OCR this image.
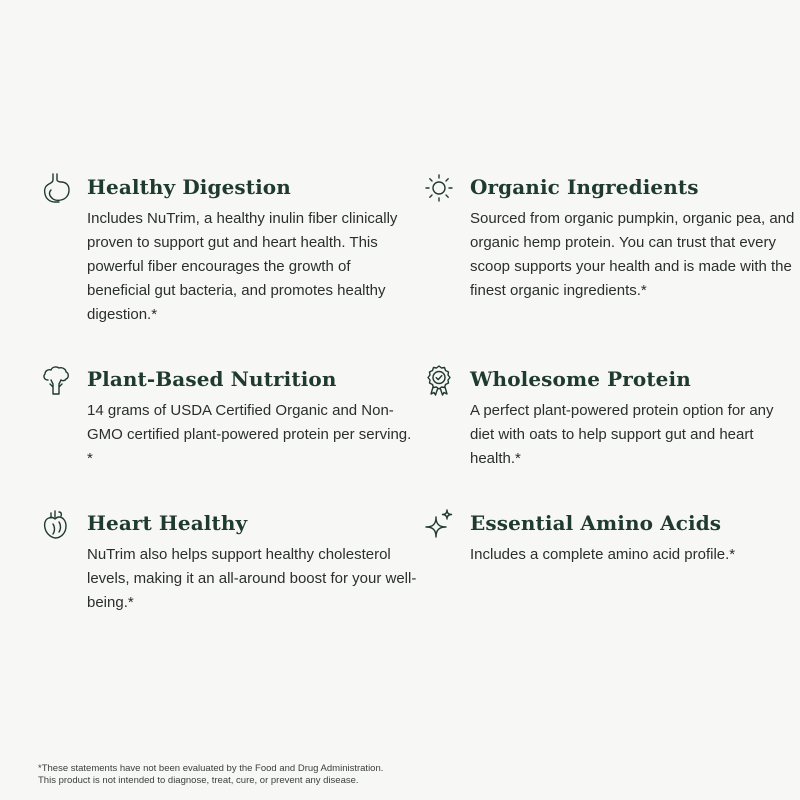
Healthy Digestion

Includes NuTrim, a healthy inulin fiber clinically proven to support gut and heart health. This powerful fiber encourages the growth of beneficial gut bacteria, and promotes healthy digestion.*

Organic Ingredients

Sourced from organic pumpkin, organic pea, and organic hemp protein. You can trust that every scoop supports your health and is made with the finest organic ingredients.*

Plant-Based Nutrition

14 grams of USDA Certified Organic and Non-GMO certified plant-powered protein per serving. *

Wholesome Protein

A perfect plant-powered protein option for any diet with oats to help support gut and heart health.*

Heart Healthy

NuTrim also helps support healthy cholesterol levels, making it an all-around boost for your well-being.*

Essential Amino Acids

Includes a complete amino acid profile.*

*These statements have not been evaluated by the Food and Drug Administration.
This product is not intended to diagnose, treat, cure, or prevent any disease.
